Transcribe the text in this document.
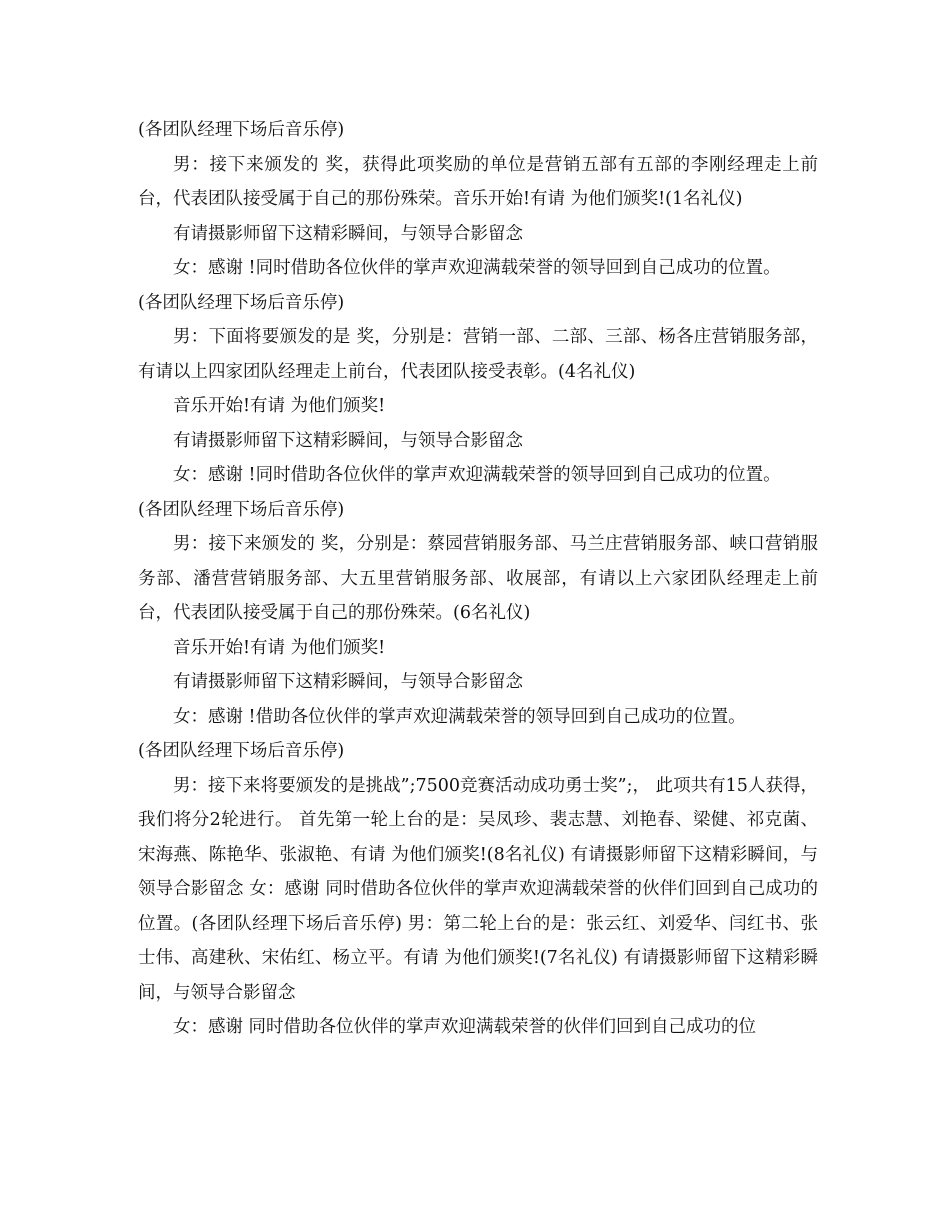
(各团队经理下场后音乐停)

男：接下来颁发的 奖，获得此项奖励的单位是营销五部有五部的李刚经理走上前台，代表团队接受属于自己的那份殊荣。音乐开始!有请 为他们颁奖!(1名礼仪)

有请摄影师留下这精彩瞬间，与领导合影留念

女：感谢 !同时借助各位伙伴的掌声欢迎满载荣誉的领导回到自己成功的位置。

(各团队经理下场后音乐停)

男：下面将要颁发的是 奖，分别是：营销一部、二部、三部、杨各庄营销服务部，有请以上四家团队经理走上前台，代表团队接受表彰。(4名礼仪)

音乐开始!有请 为他们颁奖!

有请摄影师留下这精彩瞬间，与领导合影留念

女：感谢 !同时借助各位伙伴的掌声欢迎满载荣誉的领导回到自己成功的位置。

(各团队经理下场后音乐停)

男：接下来颁发的 奖，分别是：蔡园营销服务部、马兰庄营销服务部、峡口营销服务部、潘营营销服务部、大五里营销服务部、收展部，有请以上六家团队经理走上前台，代表团队接受属于自己的那份殊荣。(6名礼仪)

音乐开始!有请 为他们颁奖!

有请摄影师留下这精彩瞬间，与领导合影留念

女：感谢 !借助各位伙伴的掌声欢迎满载荣誉的领导回到自己成功的位置。

(各团队经理下场后音乐停)

男：接下来将要颁发的是挑战”;7500竞赛活动成功勇士奖”;， 此项共有15人获得，我们将分2轮进行。 首先第一轮上台的是：吴凤珍、裴志慧、刘艳春、梁健、祁克菌、宋海燕、陈艳华、张淑艳、有请 为他们颁奖!(8名礼仪) 有请摄影师留下这精彩瞬间，与领导合影留念 女：感谢 同时借助各位伙伴的掌声欢迎满载荣誉的伙伴们回到自己成功的位置。(各团队经理下场后音乐停) 男：第二轮上台的是：张云红、刘爱华、闫红书、张士伟、高建秋、宋佑红、杨立平。有请 为他们颁奖!(7名礼仪) 有请摄影师留下这精彩瞬间，与领导合影留念

女：感谢 同时借助各位伙伴的掌声欢迎满载荣誉的伙伴们回到自己成功的位
